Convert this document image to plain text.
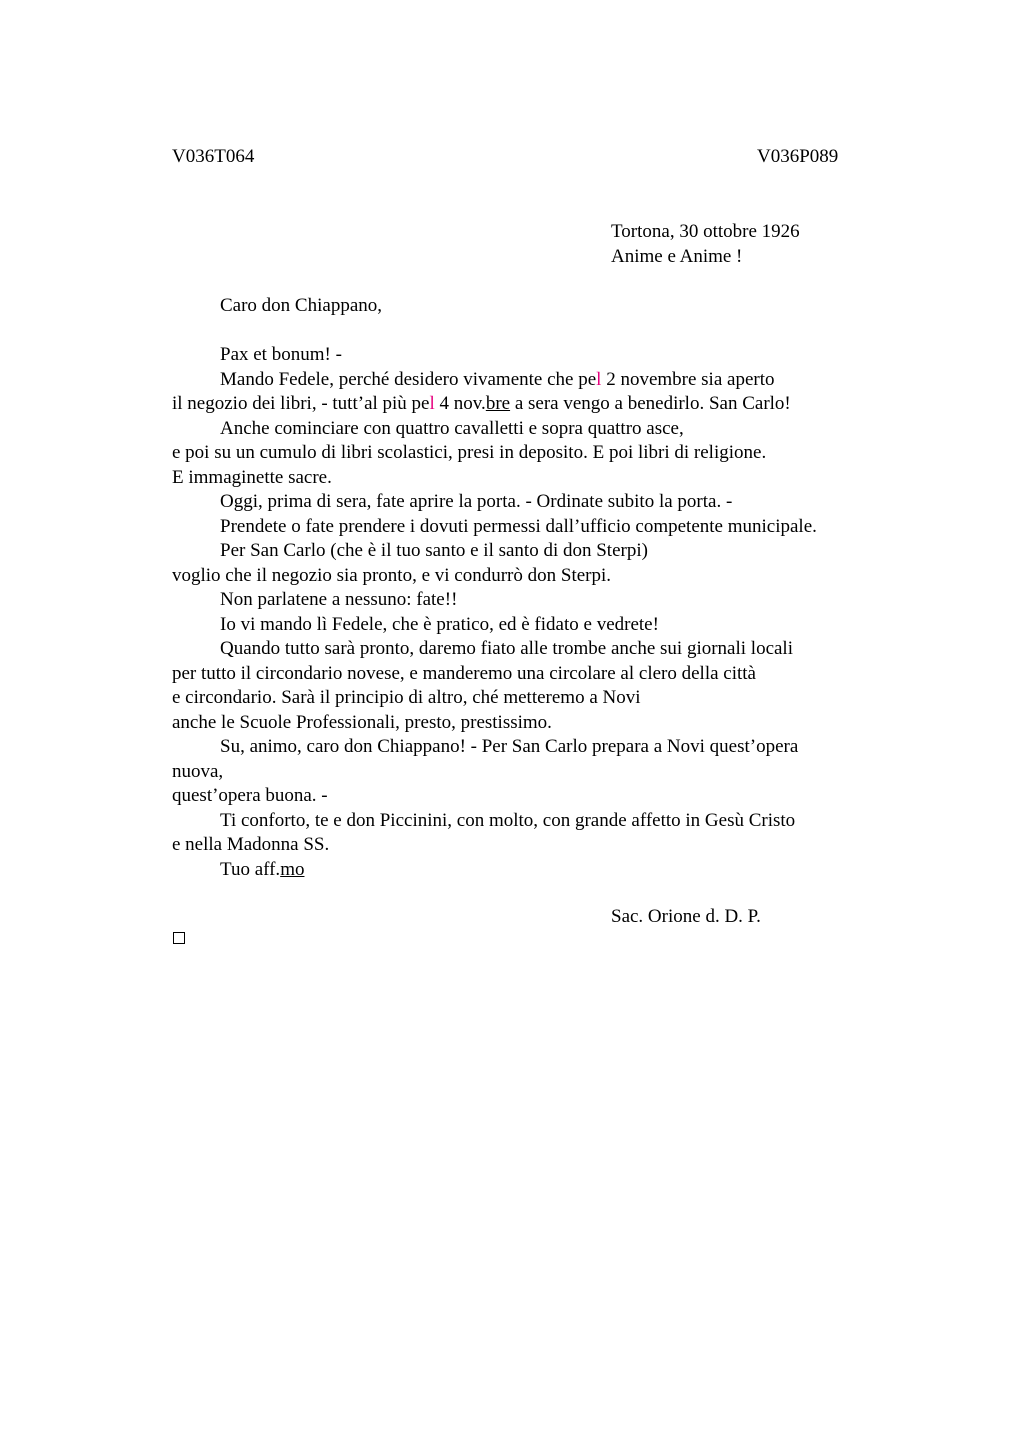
V036T064	V036P089
Tortona, 30 ottobre 1926
Anime e Anime !
Caro don Chiappano,
Pax et bonum! -
Mando Fedele, perché desidero vivamente che pel 2 novembre sia aperto
il negozio dei libri, - tutt’al più pel 4 nov.bre a sera vengo a benedirlo. San Carlo!
Anche cominciare con quattro cavalletti e sopra quattro asce,
e poi su un cumulo di libri scolastici, presi in deposito. E poi libri di religione.
E immaginette sacre.
Oggi, prima di sera, fate aprire la porta. - Ordinate subito la porta. -
Prendete o fate prendere i dovuti permessi dall’ufficio competente municipale.
Per San Carlo (che è il tuo santo e il santo di don Sterpi)
voglio che il negozio sia pronto, e vi condurrò don Sterpi.
Non parlatene a nessuno: fate!!
Io vi mando lì Fedele, che è pratico, ed è fidato e vedrete!
Quando tutto sarà pronto, daremo fiato alle trombe anche sui giornali locali
per tutto il circondario novese, e manderemo una circolare al clero della città
e circondario. Sarà il principio di altro, ché metteremo a Novi
anche le Scuole Professionali, presto, prestissimo.
Su, animo, caro don Chiappano! - Per San Carlo prepara a Novi quest’opera
nuova,
quest’opera buona. -
Ti conforto, te e don Piccinini, con molto, con grande affetto in Gesù Cristo
e nella Madonna SS.
Tuo aff.mo
Sac. Orione d. D. P.
